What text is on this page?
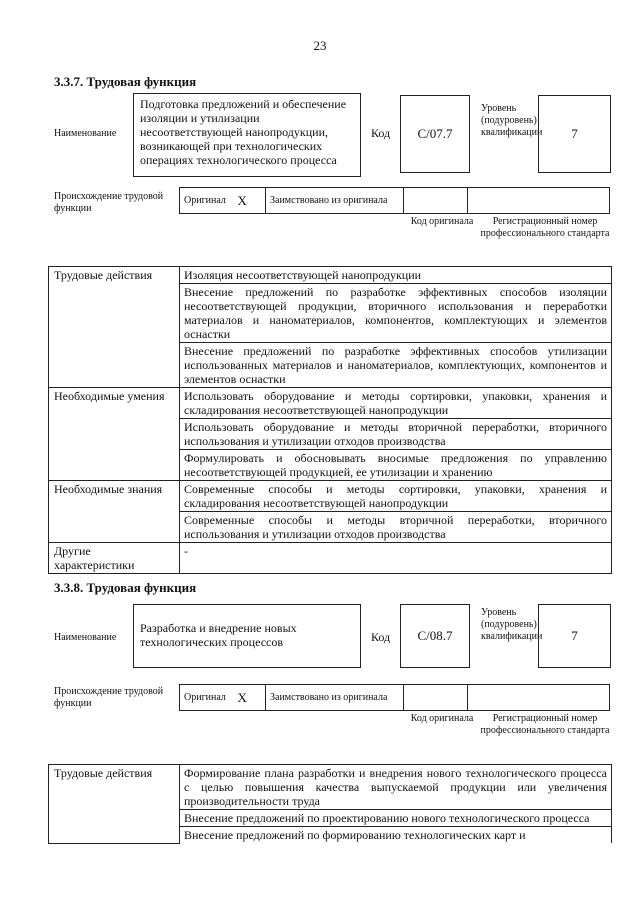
23
3.3.7. Трудовая функция
Наименование
Подготовка предложений и обеспечение изоляции и утилизации несоответствующей нанопродукции, возникающей при технологических операциях технологического процесса
Код	C/07.7
Уровень (подуровень) квалификации	7
Происхождение трудовой функции
Оригинал	X	Заимствовано из оригинала		
Код оригинала	Регистрационный номер профессионального стандарта
Трудовые действия	Изоляция несоответствующей нанопродукции
	Внесение предложений по разработке эффективных способов изоляции несоответствующей продукции, вторичного использования и переработки материалов и наноматериалов, компонентов, комплектующих и элементов оснастки
	Внесение предложений по разработке эффективных способов утилизации использованных материалов и наноматериалов, комплектующих, компонентов и элементов оснастки
Необходимые умения	Использовать оборудование и методы сортировки, упаковки, хранения и складирования несоответствующей нанопродукции
	Использовать оборудование и методы вторичной переработки, вторичного использования и утилизации отходов производства
	Формулировать и обосновывать вносимые предложения по управлению несоответствующей продукцией, ее утилизации и хранению
Необходимые знания	Современные способы и методы сортировки, упаковки, хранения и складирования несоответствующей нанопродукции
	Современные способы и методы вторичной переработки, вторичного использования и утилизации отходов производства
Другие характеристики	-
3.3.8. Трудовая функция
Наименование
Разработка и внедрение новых технологических процессов	Код	C/08.7
Уровень (подуровень) квалификации	7
Происхождение трудовой функции
Оригинал	X	Заимствовано из оригинала		
Код оригинала	Регистрационный номер профессионального стандарта
Трудовые действия	Формирование плана разработки и внедрения нового технологического процесса с целью повышения качества выпускаемой продукции или увеличения производительности труда
Внесение предложений по проектированию нового технологического процесса
Внесение предложений по формированию технологических карт и
